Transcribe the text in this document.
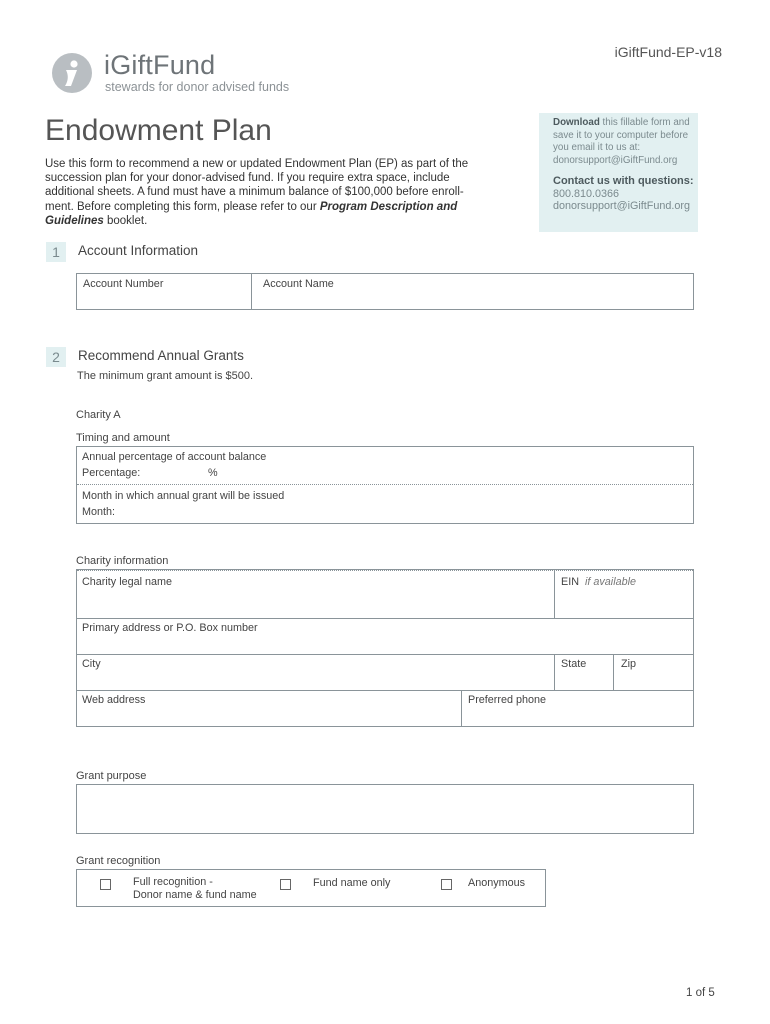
iGiftFund
stewards for donor advised funds
iGiftFund-EP-v18
Endowment Plan
Use this form to recommend a new or updated Endowment Plan (EP) as part of the succession plan for your donor-advised fund. If you require extra space, include additional sheets. A fund must have a minimum balance of $100,000 before enroll-ment. Before completing this form, please refer to our Program Description and Guidelines booklet.
Download this fillable form and save it to your computer before you email it to us at: donorsupport@iGiftFund.org
Contact us with questions:
800.810.0366
donorsupport@iGiftFund.org
1	Account Information
Account Number	Account Name
2	Recommend Annual Grants
The minimum grant amount is $500.
Charity A
Timing and amount
Annual percentage of account balance
Percentage:	%
Month in which annual grant will be issued
Month:
Charity information
Charity legal name	EIN if available
Primary address or P.O. Box number
City	State	Zip
Web address	Preferred phone
Grant purpose
Grant recognition
Full recognition -
Donor name & fund name
Fund name only	Anonymous
1 of 5
